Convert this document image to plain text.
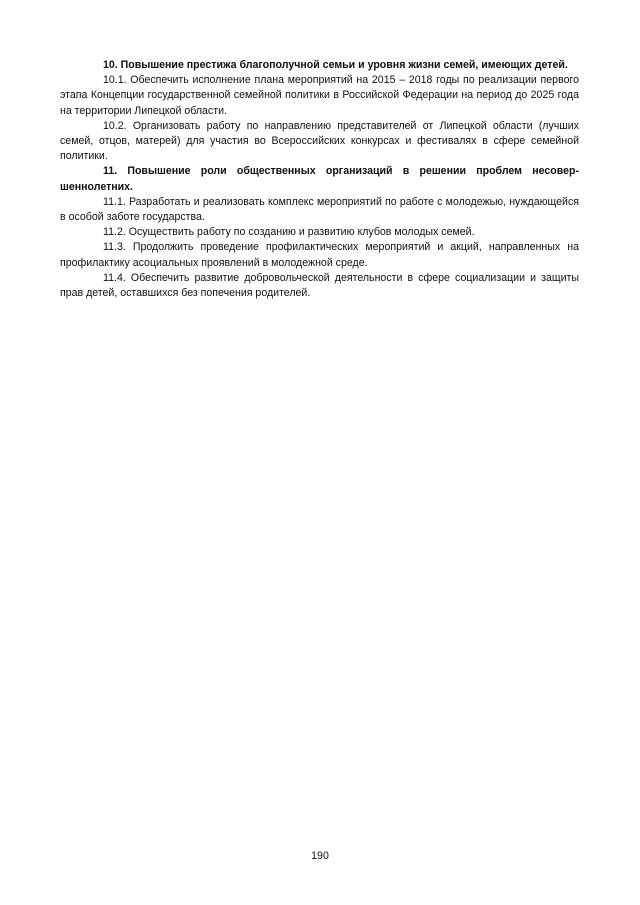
10. Повышение престижа благополучной семьи и уровня жизни семей, имеющих детей.

10.1. Обеспечить исполнение плана мероприятий на 2015 – 2018 годы по реализации первого этапа Концепции государственной семейной политики в Российской Федерации на период до 2025 года на территории Липецкой области.

10.2. Организовать работу по направлению представителей от Липецкой области (лучших семей, отцов, матерей) для участия во Всероссийских конкурсах и фестивалях в сфере семейной политики.

11. Повышение роли общественных организаций в решении проблем несовершеннолетних.

11.1. Разработать и реализовать комплекс мероприятий по работе с молодежью, нуждающейся в особой заботе государства.

11.2. Осуществить работу по созданию и развитию клубов молодых семей.

11.3. Продолжить проведение профилактических мероприятий и акций, направленных на профилактику асоциальных проявлений в молодежной среде.

11.4. Обеспечить развитие добровольческой деятельности в сфере социализации и защиты прав детей, оставшихся без попечения родителей.

190
